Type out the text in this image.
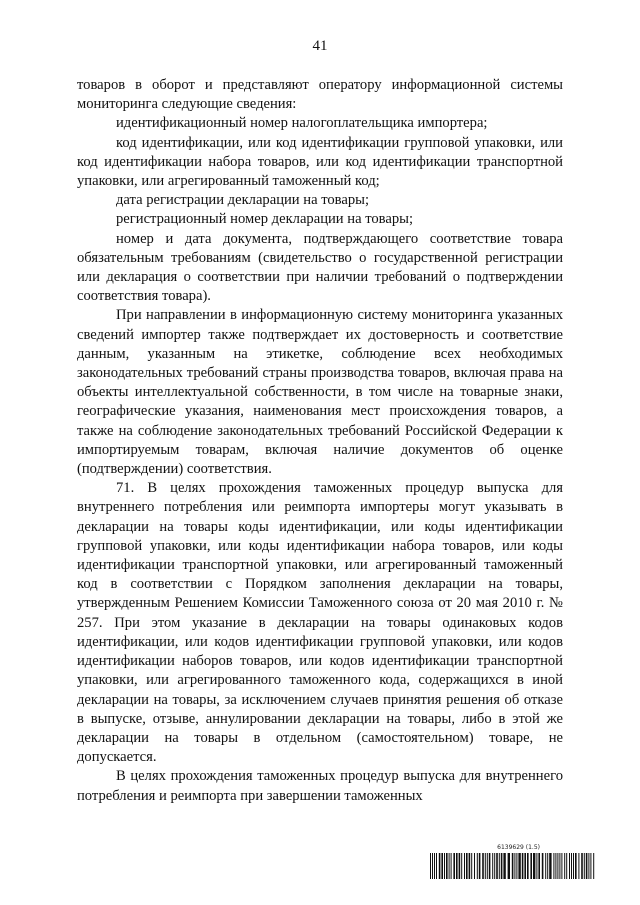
41

товаров в оборот и представляют оператору информационной системы мониторинга следующие сведения:

идентификационный номер налогоплательщика импортера;

код идентификации, или код идентификации групповой упаковки, или код идентификации набора товаров, или код идентификации транспортной упаковки, или агрегированный таможенный код;

дата регистрации декларации на товары;

регистрационный номер декларации на товары;

номер и дата документа, подтверждающего соответствие товара обязательным требованиям (свидетельство о государственной регистрации или декларация о соответствии при наличии требований о подтверждении соответствия товара).

При направлении в информационную систему мониторинга указанных сведений импортер также подтверждает их достоверность и соответствие данным, указанным на этикетке, соблюдение всех необходимых законодательных требований страны производства товаров, включая права на объекты интеллектуальной собственности, в том числе на товарные знаки, географические указания, наименования мест происхождения товаров, а также на соблюдение законодательных требований Российской Федерации к импортируемым товарам, включая наличие документов об оценке (подтверждении) соответствия.

71. В целях прохождения таможенных процедур выпуска для внутреннего потребления или реимпорта импортеры могут указывать в декларации на товары коды идентификации, или коды идентификации групповой упаковки, или коды идентификации набора товаров, или коды идентификации транспортной упаковки, или агрегированный таможенный код в соответствии с Порядком заполнения декларации на товары, утвержденным Решением Комиссии Таможенного союза от 20 мая 2010 г. № 257. При этом указание в декларации на товары одинаковых кодов идентификации, или кодов идентификации групповой упаковки, или кодов идентификации наборов товаров, или кодов идентификации транспортной упаковки, или агрегированного таможенного кода, содержащихся в иной декларации на товары, за исключением случаев принятия решения об отказе в выпуске, отзыве, аннулировании декларации на товары, либо в этой же декларации на товары в отдельном (самостоятельном) товаре, не допускается.

В целях прохождения таможенных процедур выпуска для внутреннего потребления и реимпорта при завершении таможенных

6139629 (1.5)
